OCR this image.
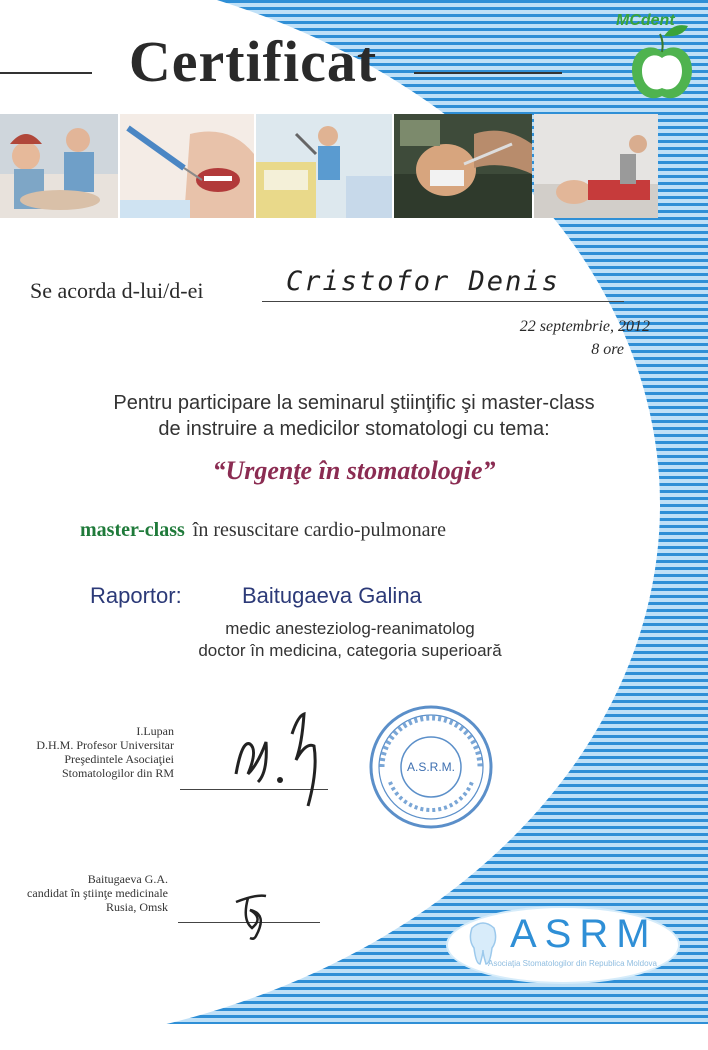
Certificat
MCdent
Se acorda d-lui/d-ei	Cristofor Denis
22 septembrie, 2012
8 ore
Pentru participare la seminarul ştiinţific şi master-class
de instruire a medicilor stomatologi cu tema:
“Urgenţe în stomatologie”
master-class în resuscitare cardio-pulmonare
Raportor:	Baitugaeva Galina
medic anesteziolog-reanimatolog
doctor în medicina, categoria superioară
I.Lupan
D.H.M. Profesor Universitar
Preşedintele Asociaţiei
Stomatologilor din RM
Baitugaeva G.A.
candidat în ştiinţe medicinale
Rusia, Omsk
A.S.R.M.
ASRM
Asociaţia Stomatologilor din Republica Moldova
